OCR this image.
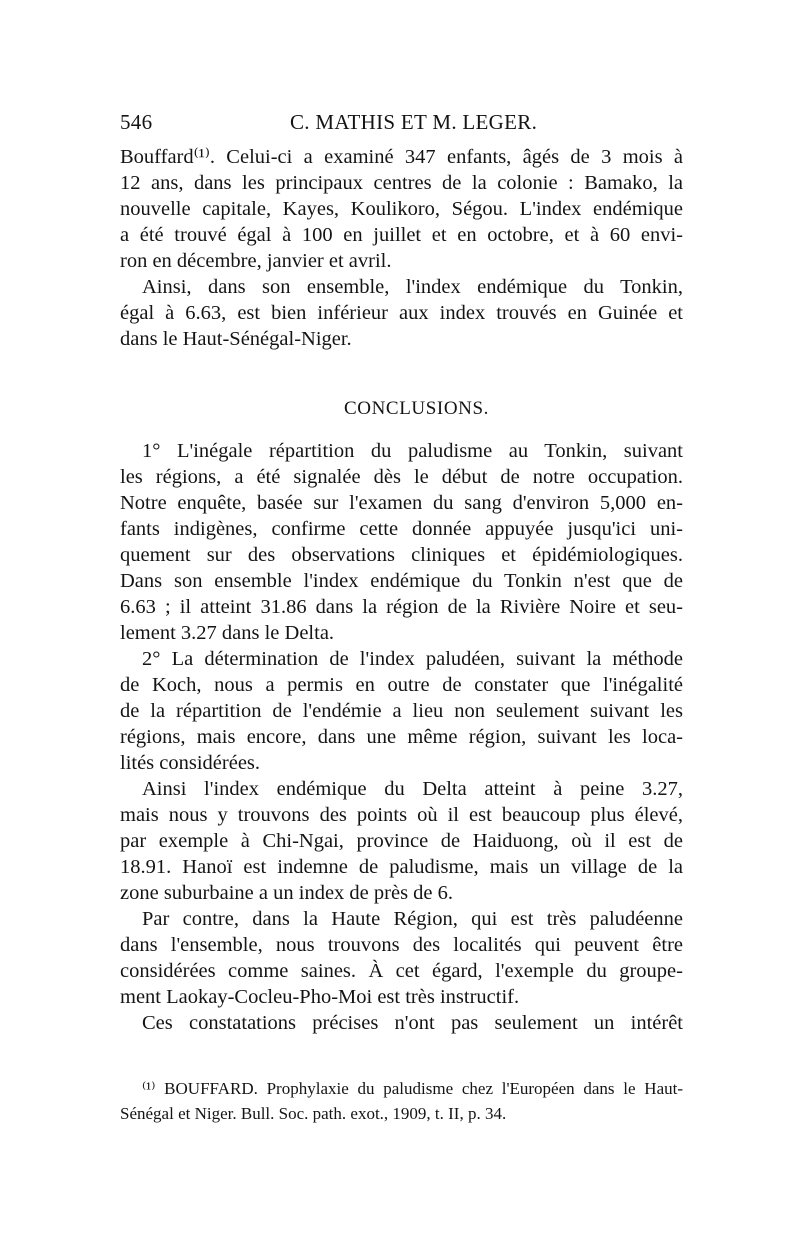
546	C. MATHIS ET M. LEGER.
Bouffard⁽¹⁾. Celui-ci a examiné 347 enfants, âgés de 3 mois à
12 ans, dans les principaux centres de la colonie : Bamako, la
nouvelle capitale, Kayes, Koulikoro, Ségou. L'index endémique
a été trouvé égal à 100 en juillet et en octobre, et à 60 envi-
ron en décembre, janvier et avril.
Ainsi, dans son ensemble, l'index endémique du Tonkin,
égal à 6.63, est bien inférieur aux index trouvés en Guinée et
dans le Haut-Sénégal-Niger.
CONCLUSIONS.
1° L'inégale répartition du paludisme au Tonkin, suivant
les régions, a été signalée dès le début de notre occupation.
Notre enquête, basée sur l'examen du sang d'environ 5,000 en-
fants indigènes, confirme cette donnée appuyée jusqu'ici uni-
quement sur des observations cliniques et épidémiologiques.
Dans son ensemble l'index endémique du Tonkin n'est que de
6.63 ; il atteint 31.86 dans la région de la Rivière Noire et seu-
lement 3.27 dans le Delta.
2° La détermination de l'index paludéen, suivant la méthode
de Koch, nous a permis en outre de constater que l'inégalité
de la répartition de l'endémie a lieu non seulement suivant les
régions, mais encore, dans une même région, suivant les loca-
lités considérées.
Ainsi l'index endémique du Delta atteint à peine 3.27,
mais nous y trouvons des points où il est beaucoup plus élevé,
par exemple à Chi-Ngai, province de Haiduong, où il est de
18.91. Hanoï est indemne de paludisme, mais un village de la
zone suburbaine a un index de près de 6.
Par contre, dans la Haute Région, qui est très paludéenne
dans l'ensemble, nous trouvons des localités qui peuvent être
considérées comme saines. À cet égard, l'exemple du groupe-
ment Laokay-Cocleu-Pho-Moi est très instructif.
Ces constatations précises n'ont pas seulement un intérêt
⁽¹⁾ BOUFFARD. Prophylaxie du paludisme chez l'Européen dans le Haut-
Sénégal et Niger. Bull. Soc. path. exot., 1909, t. II, p. 34.
